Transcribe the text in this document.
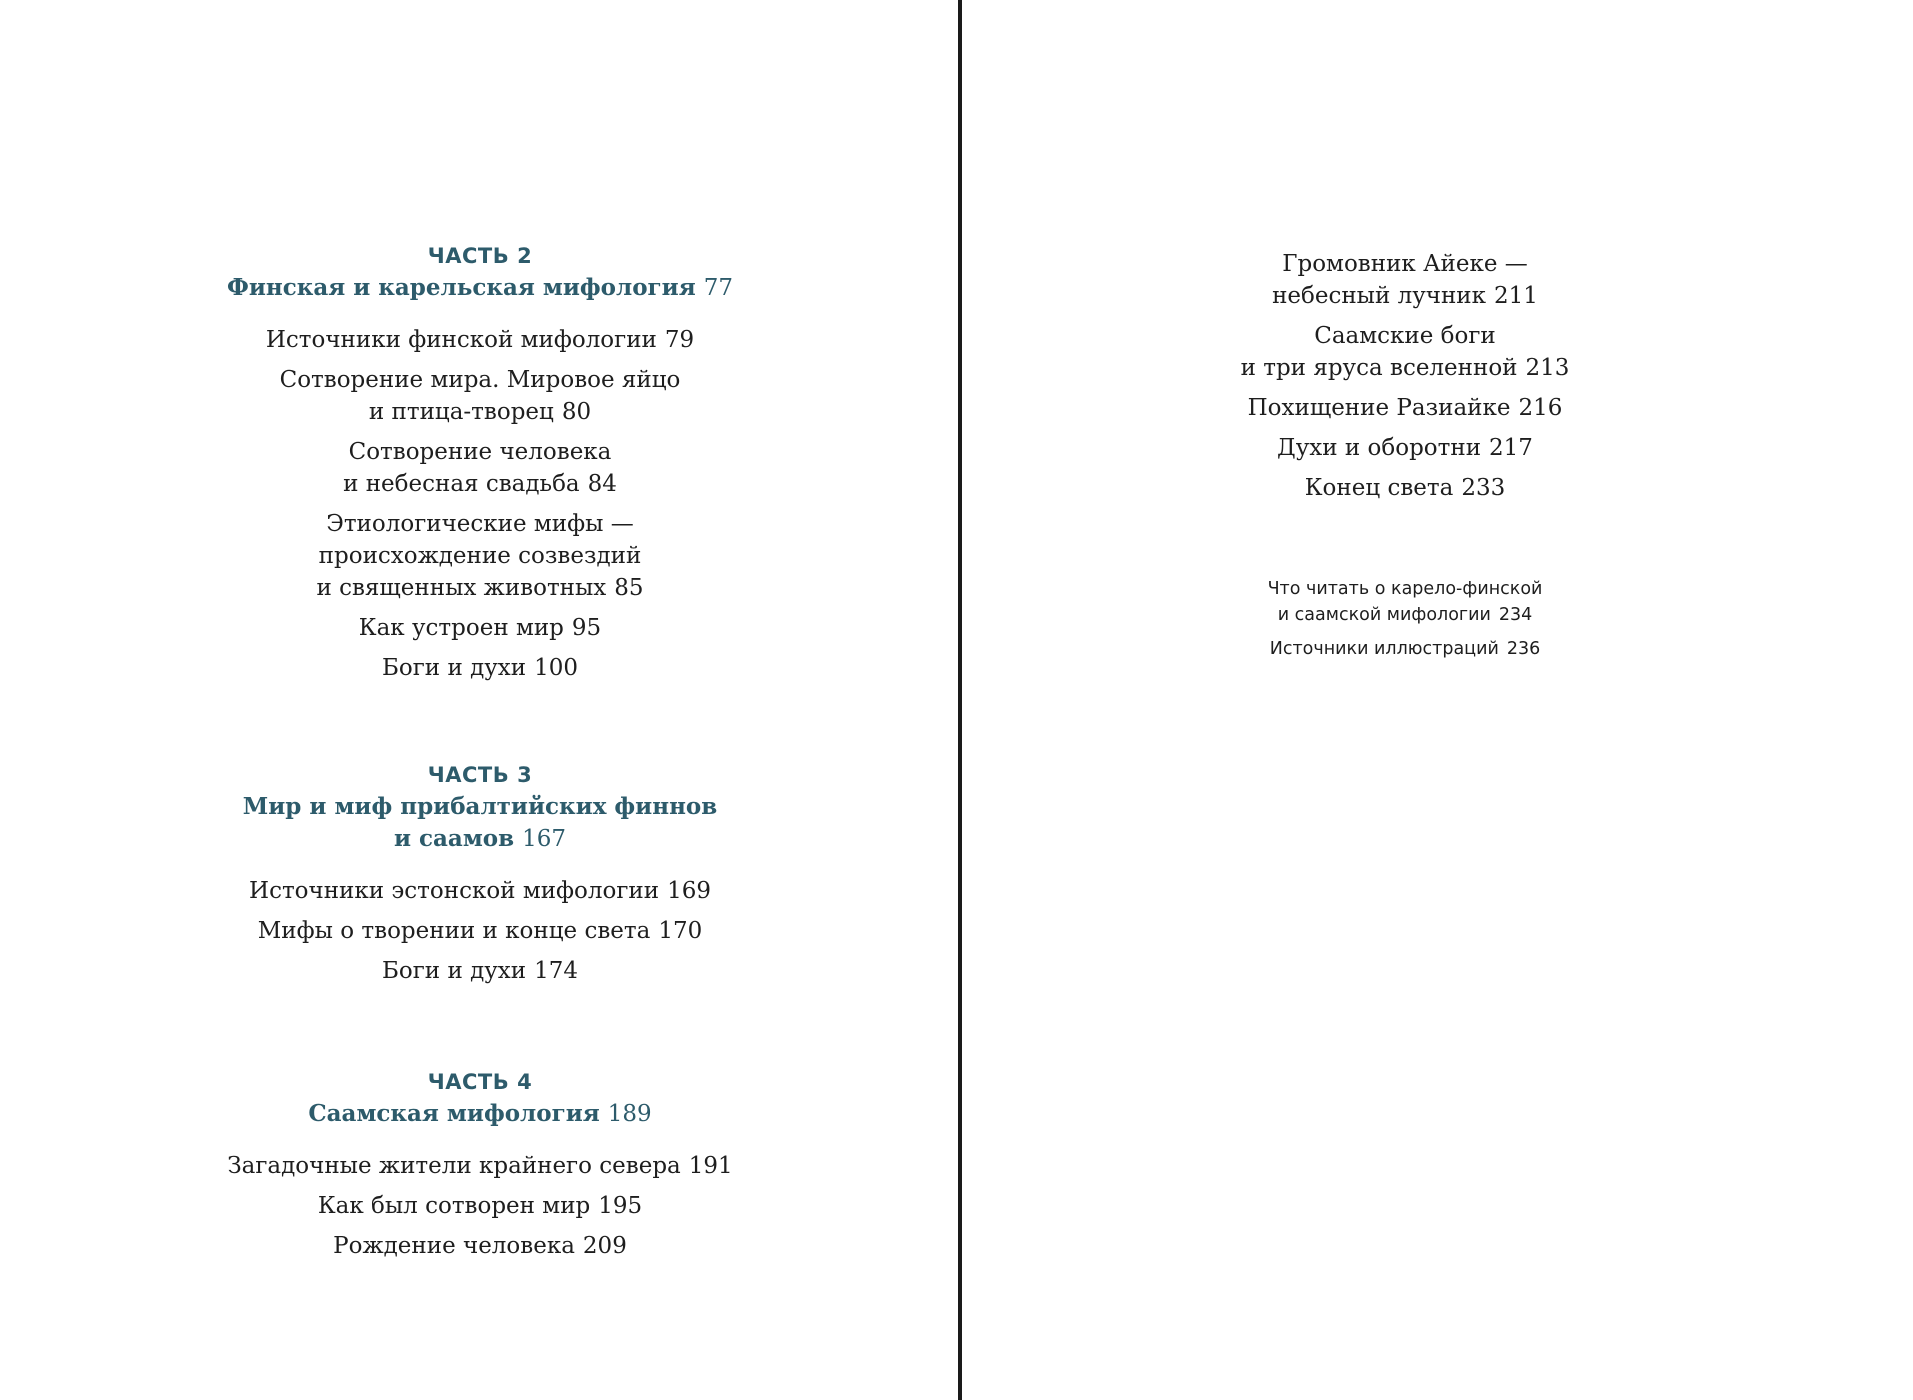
ЧАСТЬ 2
Финская и карельская мифология 77
Источники финской мифологии 79
Сотворение мира. Мировое яйцо
и птица-творец 80
Сотворение человека
и небесная свадьба 84
Этиологические мифы —
происхождение созвездий
и священных животных 85
Как устроен мир 95
Боги и духи 100
ЧАСТЬ 3
Мир и миф прибалтийских финнов
и саамов 167
Источники эстонской мифологии 169
Мифы о творении и конце света 170
Боги и духи 174
ЧАСТЬ 4
Саамская мифология 189
Загадочные жители крайнего севера 191
Как был сотворен мир 195
Рождение человека 209
Громовник Айеке —
небесный лучник 211
Саамские боги
и три яруса вселенной 213
Похищение Разиайке 216
Духи и оборотни 217
Конец света 233
Что читать о карело-финской
и саамской мифологии 234
Источники иллюстраций 236
